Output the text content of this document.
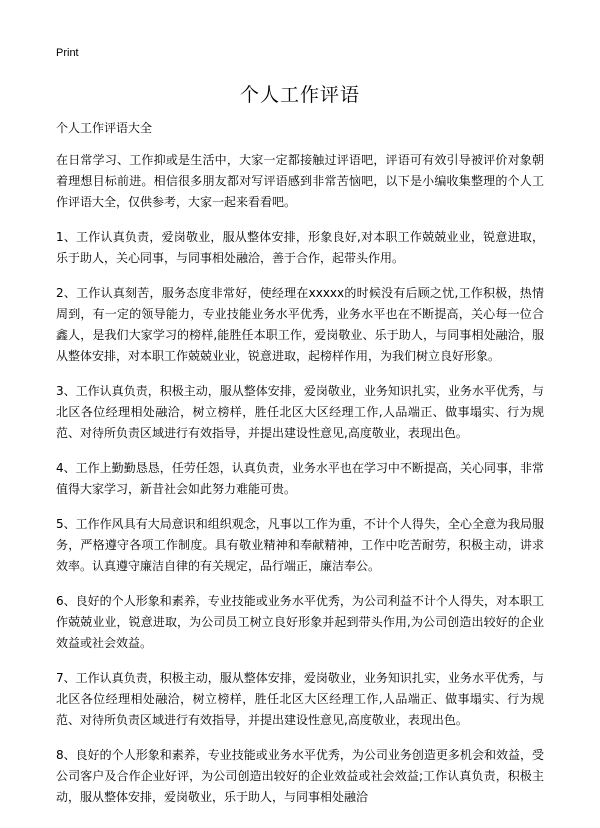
Print
个人工作评语

个人工作评语大全

在日常学习、工作抑或是生活中，大家一定都接触过评语吧，评语可有效引导被评价对象朝着理想目标前进。相信很多朋友都对写评语感到非常苦恼吧，以下是小编收集整理的个人工作评语大全，仅供参考，大家一起来看看吧。

1、工作认真负责，爱岗敬业，服从整体安排，形象良好,对本职工作兢兢业业，锐意进取，乐于助人，关心同事，与同事相处融洽，善于合作，起带头作用。

2、工作认真刻苦，服务态度非常好，使经理在xxxxx的时候没有后顾之忧,工作积极，热情周到，有一定的领导能力，专业技能业务水平优秀，业务水平也在不断提高，关心每一位合鑫人，是我们大家学习的榜样,能胜任本职工作，爱岗敬业、乐于助人，与同事相处融洽，服从整体安排，对本职工作兢兢业业，锐意进取，起榜样作用，为我们树立良好形象。

3、工作认真负责，积极主动，服从整体安排，爱岗敬业，业务知识扎实，业务水平优秀，与北区各位经理相处融洽，树立榜样，胜任北区大区经理工作,人品端正、做事塌实、行为规范、对待所负责区域进行有效指导，并提出建设性意见,高度敬业，表现出色。

4、工作上勤勤恳恳，任劳任怨，认真负责，业务水平也在学习中不断提高，关心同事，非常值得大家学习，新昔社会如此努力难能可贵。

5、工作作风具有大局意识和组织观念，凡事以工作为重，不计个人得失，全心全意为我局服务，严格遵守各项工作制度。具有敬业精神和奉献精神，工作中吃苦耐劳，积极主动，讲求效率。认真遵守廉洁自律的有关规定，品行端正，廉洁奉公。

6、良好的个人形象和素养，专业技能或业务水平优秀，为公司利益不计个人得失，对本职工作兢兢业业，锐意进取，为公司员工树立良好形象并起到带头作用,为公司创造出较好的企业效益或社会效益。

7、工作认真负责，积极主动，服从整体安排，爱岗敬业，业务知识扎实，业务水平优秀，与北区各位经理相处融洽，树立榜样，胜任北区大区经理工作,人品端正、做事塌实、行为规范、对待所负责区域进行有效指导，并提出建设性意见,高度敬业，表现出色。

8、良好的个人形象和素养，专业技能或业务水平优秀，为公司业务创造更多机会和效益，受公司客户及合作企业好评，为公司创造出较好的企业效益或社会效益;工作认真负责，积极主动，服从整体安排，爱岗敬业，乐于助人，与同事相处融洽
